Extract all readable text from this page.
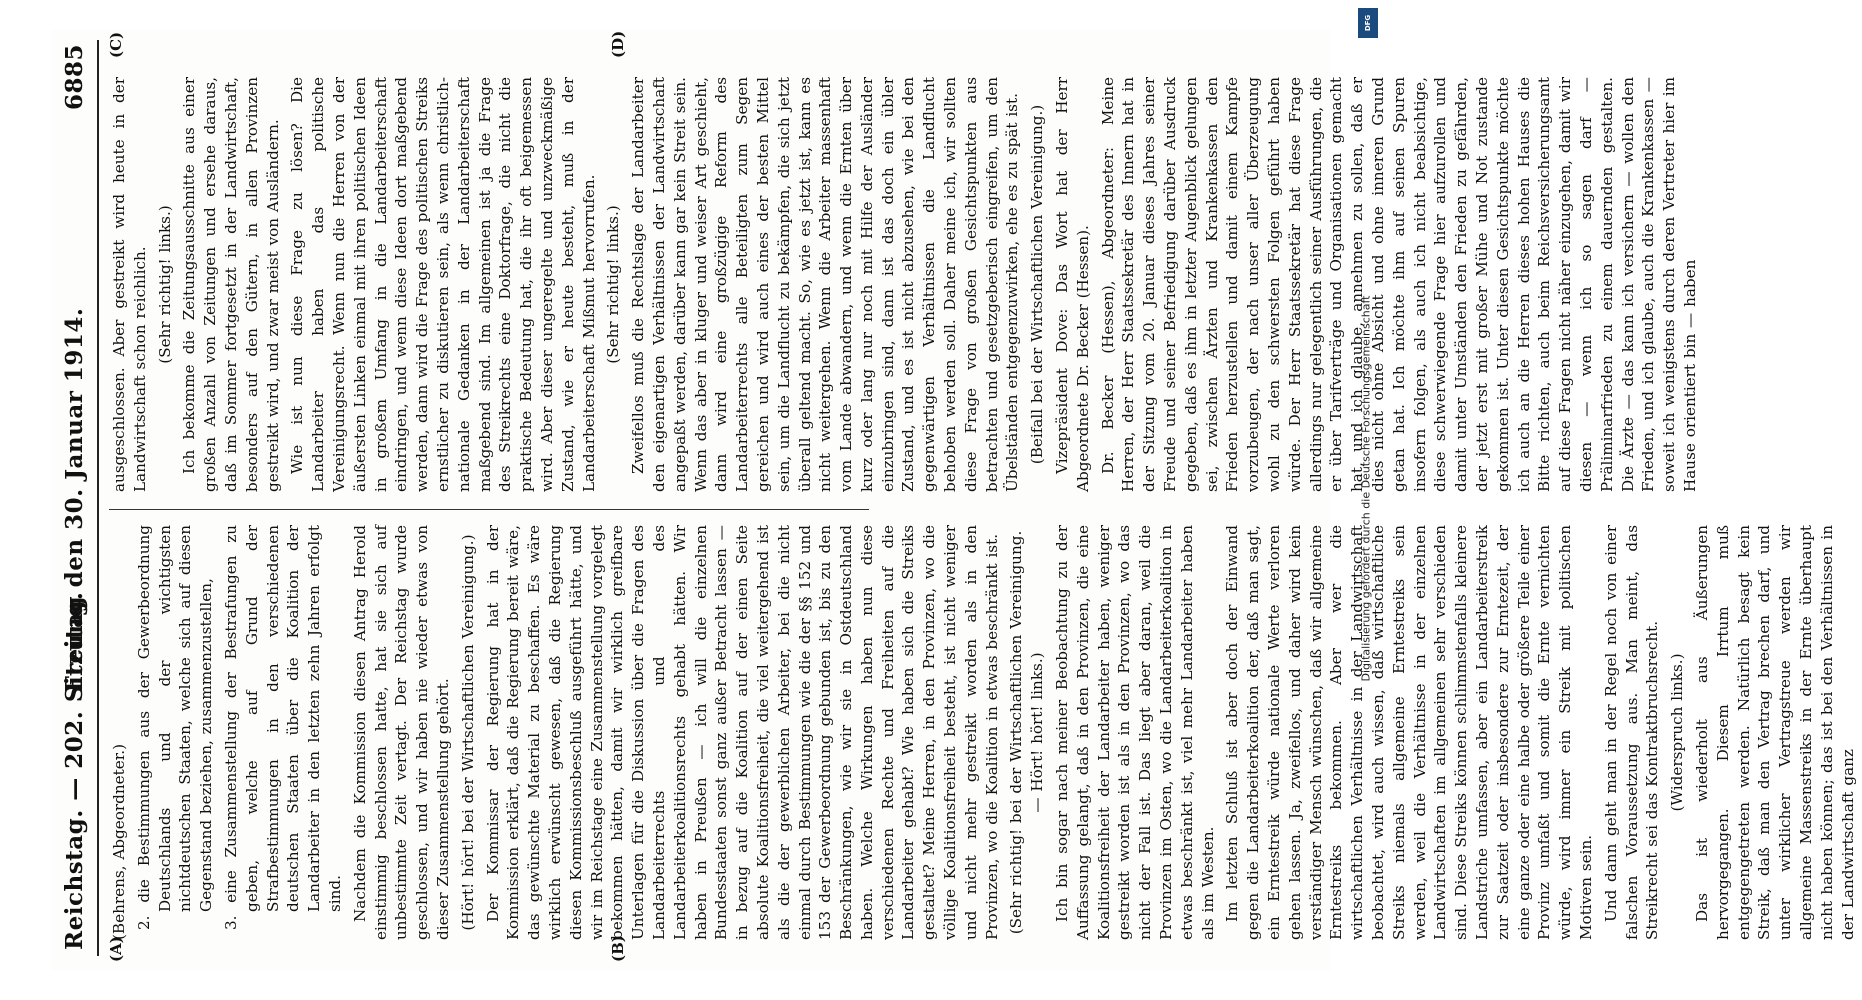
Reichstag. — 202. Sitzung.
Freitag den 30. Januar 1914.
6885
(A)	(B)
(C)	(D)

(Behrens, Abgeordneter.) 2. die Bestimmungen aus der Gewerbeordnung Deutschlands und der wichtigsten nichtdeutschen Staaten, welche sich auf diesen Gegenstand beziehen, zusammenzustellen, 3. eine Zusammenstellung der Bestrafungen zu geben, welche auf Grund der Strafbestimmungen in den verschiedenen deutschen Staaten über die Koalition der Landarbeiter in den letzten zehn Jahren erfolgt sind. Nachdem die Kommission diesen Antrag Herold einstimmig beschlossen hatte, hat sie sich auf unbestimmte Zeit vertagt. Der Reichstag wurde geschlossen, und wir haben nie wieder etwas von dieser Zusammenstellung gehört. (Hört! hört! bei der Wirtschaftlichen Vereinigung.) Der Kommissar der Regierung hat in der Kommission erklärt, daß die Regierung bereit wäre, das gewünschte Material zu beschaffen. Es wäre wirklich erwünscht gewesen, daß die Regierung diesen Kommissionsbeschluß ausgeführt hätte, und wir im Reichstage eine Zusammenstellung vorgelegt bekommen hätten, damit wir wirklich greifbare Unterlagen für die Diskussion über die Fragen des Landarbeiterrechts und des Landarbeiterkoalitionsrechts gehabt hätten. Wir haben in Preußen — ich will die einzelnen Bundesstaaten sonst ganz außer Betracht lassen — in bezug auf die Koalition auf der einen Seite absolute Koalitionsfreiheit, die viel weitergehend ist als die der gewerblichen Arbeiter, bei die nicht einmal durch Bestimmungen wie die der §§ 152 und 153 der Gewerbeordnung gebunden ist, bis zu den Beschränkungen, wie wir sie in Ostdeutschland haben. Welche Wirkungen haben nun diese verschiedenen Rechte und Freiheiten auf die Landarbeiter gehabt? Wie haben sich die Streiks gestaltet? Meine Herren, in den Provinzen, wo die völlige Koalitionsfreiheit besteht, ist nicht weniger und nicht mehr gestreikt worden als in den Provinzen, wo die Koalition in etwas beschränkt ist. (Sehr richtig! bei der Wirtschaftlichen Vereinigung. — Hört! hört! links.) Ich bin sogar nach meiner Beobachtung zu der Auffassung gelangt, daß in den Provinzen, die eine Koalitionsfreiheit der Landarbeiter haben, weniger gestreikt worden ist als in den Provinzen, wo das nicht der Fall ist. Das liegt aber daran, weil die Provinzen im Osten, wo die Landarbeiterkoalition in etwas beschränkt ist, viel mehr Landarbeiter haben als im Westen. Im letzten Schluß ist aber doch der Einwand gegen die Landarbeiterkoalition der, daß man sagt, ein Erntestreik würde nationale Werte verloren gehen lassen. Ja, zweifellos, und daher wird kein verständiger Mensch wünschen, daß wir allgemeine Erntestreiks bekommen. Aber wer die wirtschaftlichen Verhältnisse in der Landwirtschaft beobachtet, wird auch wissen, daß wirtschaftliche Streiks niemals allgemeine Erntestreiks sein werden, weil die Verhältnisse in der einzelnen Landwirtschaften im allgemeinen sehr verschieden sind. Diese Streiks können schlimmstenfalls kleinere Landstriche umfassen, aber ein Landarbeiterstreik zur Saatzeit oder insbesondere zur Erntezeit, der eine ganze oder eine halbe oder größere Teile einer Provinz umfaßt und somit die Ernte vernichten würde, wird immer ein Streik mit politischen Motiven sein. Und dann geht man in der Regel noch von einer falschen Voraussetzung aus. Man meint, das Streikrecht sei das Kontraktbruchsrecht. (Widerspruch links.) Das ist wiederholt aus Äußerungen hervorgegangen. Diesem Irrtum muß entgegengetreten werden. Natürlich besagt kein Streik, daß man den Vertrag brechen darf, und unter wirklicher Vertragstreue werden wir allgemeine Massenstreiks in der Ernte überhaupt nicht haben können; das ist bei den Verhältnissen in der Landwirtschaft ganz

ausgeschlossen. Aber gestreikt wird heute in der Landwirtschaft schon reichlich. (Sehr richtig! links.) Ich bekomme die Zeitungsausschnitte aus einer großen Anzahl von Zeitungen und ersehe daraus, daß im Sommer fortgesetzt in der Landwirtschaft, besonders auf den Gütern, in allen Provinzen gestreikt wird, und zwar meist von Ausländern. Wie ist nun diese Frage zu lösen? Die Landarbeiter haben das politische Vereinigungsrecht. Wenn nun die Herren von der äußersten Linken einmal mit ihren politischen Ideen in großem Umfang in die Landarbeiterschaft eindringen, und wenn diese Ideen dort maßgebend werden, dann wird die Frage des politischen Streiks ernstlicher zu diskutieren sein, als wenn christlich-nationale Gedanken in der Landarbeiterschaft maßgebend sind. Im allgemeinen ist ja die Frage des Streikrechts eine Doktorfrage, die nicht die praktische Bedeutung hat, die ihr oft beigemessen wird. Aber dieser ungeregelte und unzweckmäßige Zustand, wie er heute besteht, muß in der Landarbeiterschaft Mißmut hervorrufen. (Sehr richtig! links.) Zweifellos muß die Rechtslage der Landarbeiter den eigenartigen Verhältnissen der Landwirtschaft angepaßt werden, darüber kann gar kein Streit sein. Wenn das aber in kluger und weiser Art geschieht, dann wird eine großzügige Reform des Landarbeiterrechts alle Beteiligten zum Segen gereichen und wird auch eines der besten Mittel sein, um die Landflucht zu bekämpfen, die sich jetzt überall geltend macht. So, wie es jetzt ist, kann es nicht weitergehen. Wenn die Arbeiter massenhaft vom Lande abwandern, und wenn die Ernten über kurz oder lang nur noch mit Hilfe der Ausländer einzubringen sind, dann ist das doch ein übler Zustand, und es ist nicht abzusehen, wie bei den gegenwärtigen Verhältnissen die Landflucht behoben werden soll. Daher meine ich, wir sollten diese Frage von großen Gesichtspunkten aus betrachten und gesetzgeberisch eingreifen, um den Übelständen entgegenzuwirken, ehe es zu spät ist. (Beifall bei der Wirtschaftlichen Vereinigung.) Vizepräsident Dove: Das Wort hat der Herr Abgeordnete Dr. Becker (Hessen). Dr. Becker (Hessen), Abgeordneter: Meine Herren, der Herr Staatssekretär des Innern hat in der Sitzung vom 20. Januar dieses Jahres seiner Freude und seiner Befriedigung darüber Ausdruck gegeben, daß es ihm in letzter Augenblick gelungen sei, zwischen Ärzten und Krankenkassen den Frieden herzustellen und damit einem Kampfe vorzubeugen, der nach unser aller Überzeugung wohl zu den schwersten Folgen geführt haben würde. Der Herr Staatssekretär hat diese Frage allerdings nur gelegentlich seiner Ausführungen, die er über Tarifverträge und Organisationen gemacht hat, und ich glaube, annehmen zu sollen, daß er dies nicht ohne Absicht und ohne inneren Grund getan hat. Ich möchte ihm auf seinen Spuren insofern folgen, als auch ich nicht beabsichtige, diese schwerwiegende Frage hier aufzurollen und damit unter Umständen den Frieden zu gefährden, der jetzt erst mit großer Mühe und Not zustande gekommen ist. Unter diesen Gesichtspunkte möchte ich auch an die Herren dieses hohen Hauses die Bitte richten, auch beim Reichsversicherungsamt auf diese Fragen nicht näher einzugehen, damit wir diesen — wenn ich so sagen darf — Präliminarfrieden zu einem dauernden gestalten. Die Ärzte — das kann ich versichern — wollen den Frieden, und ich glaube, auch die Krankenkassen — soweit ich wenigstens durch deren Vertreter hier im Hause orientiert bin — haben

DFG
Digitalisierung gefördert durch die Deutsche Forschungsgemeinschaft
